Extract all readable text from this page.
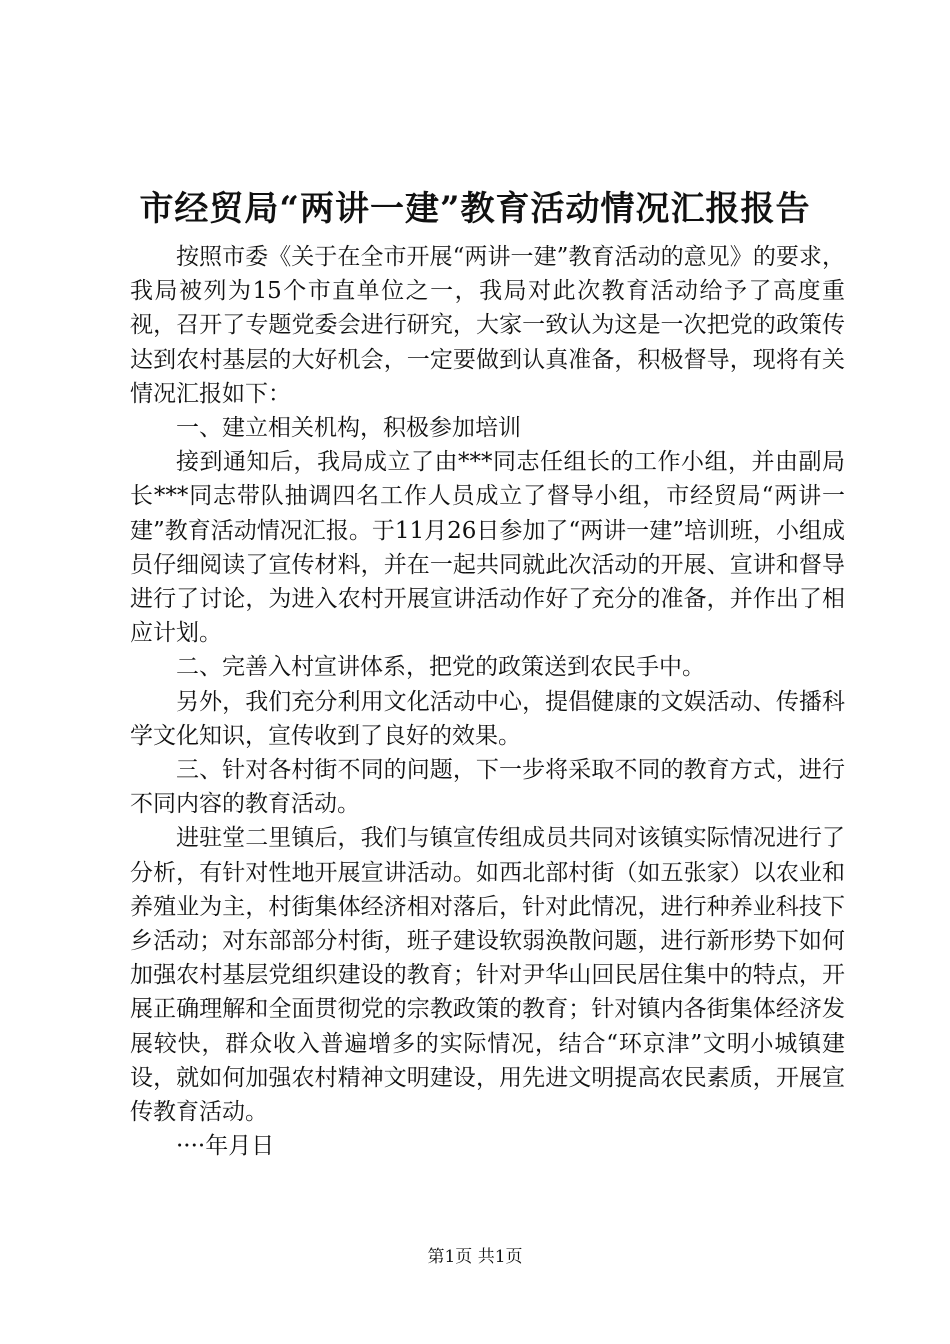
市经贸局“两讲一建”教育活动情况汇报报告

按照市委《关于在全市开展“两讲一建”教育活动的意见》的要求，我局被列为15个市直单位之一，我局对此次教育活动给予了高度重视，召开了专题党委会进行研究，大家一致认为这是一次把党的政策传达到农村基层的大好机会，一定要做到认真准备，积极督导，现将有关情况汇报如下：

一、建立相关机构，积极参加培训

接到通知后，我局成立了由***同志任组长的工作小组，并由副局长***同志带队抽调四名工作人员成立了督导小组，市经贸局“两讲一建”教育活动情况汇报。于11月26日参加了“两讲一建”培训班，小组成员仔细阅读了宣传材料，并在一起共同就此次活动的开展、宣讲和督导进行了讨论，为进入农村开展宣讲活动作好了充分的准备，并作出了相应计划。

二、完善入村宣讲体系，把党的政策送到农民手中。

另外，我们充分利用文化活动中心，提倡健康的文娱活动、传播科学文化知识，宣传收到了良好的效果。

三、针对各村街不同的问题，下一步将采取不同的教育方式，进行不同内容的教育活动。

进驻堂二里镇后，我们与镇宣传组成员共同对该镇实际情况进行了分析，有针对性地开展宣讲活动。如西北部村街（如五张家）以农业和养殖业为主，村街集体经济相对落后，针对此情况，进行种养业科技下乡活动；对东部部分村街，班子建设软弱涣散问题，进行新形势下如何加强农村基层党组织建设的教育；针对尹华山回民居住集中的特点，开展正确理解和全面贯彻党的宗教政策的教育；针对镇内各街集体经济发展较快，群众收入普遍增多的实际情况，结合“环京津”文明小城镇建设，就如何加强农村精神文明建设，用先进文明提高农民素质，开展宣传教育活动。

····年月日

第1页 共1页
